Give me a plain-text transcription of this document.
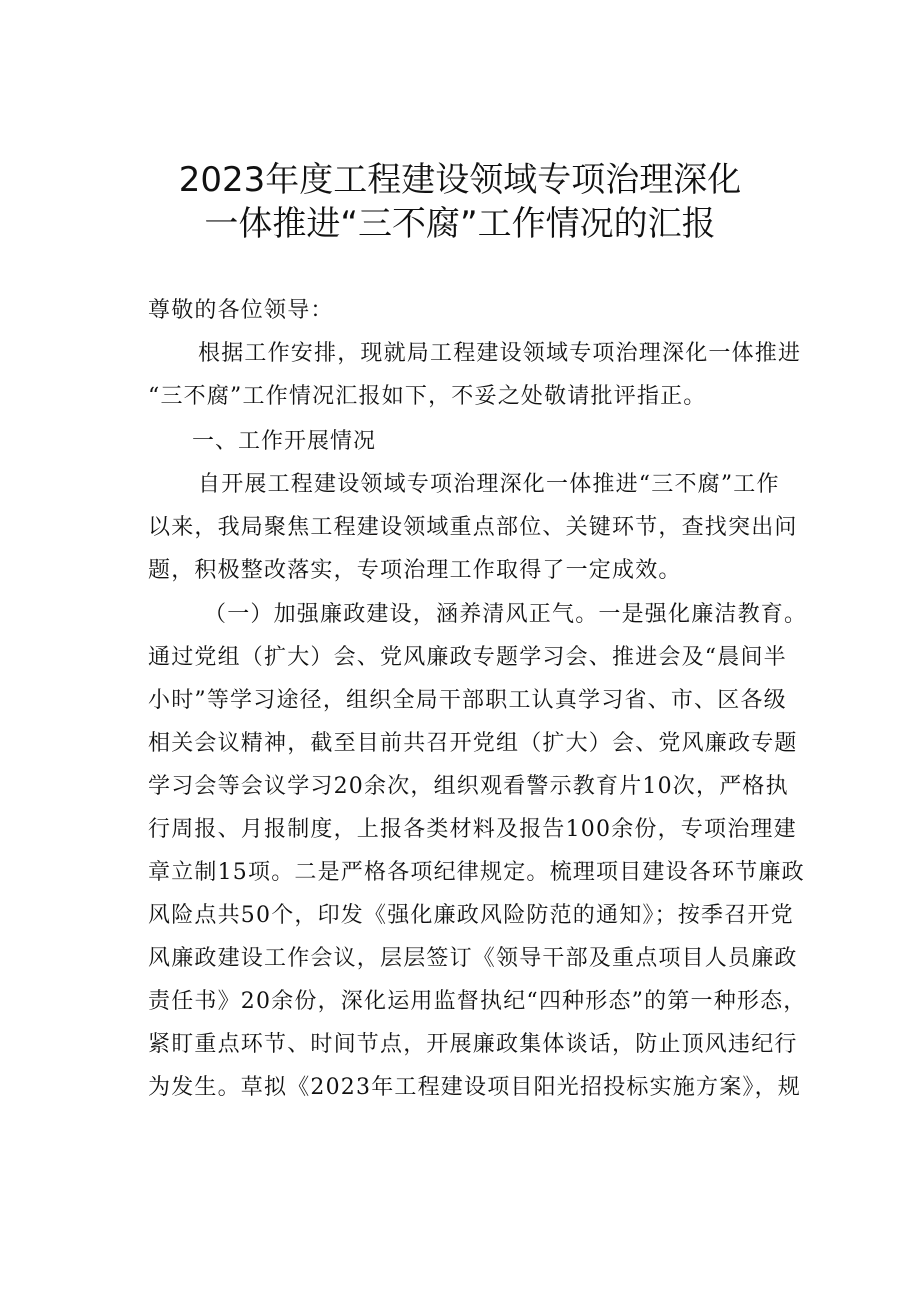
2023年度工程建设领域专项治理深化
一体推进“三不腐”工作情况的汇报
尊敬的各位领导：
根据工作安排，现就局工程建设领域专项治理深化一体推进
“三不腐”工作情况汇报如下，不妥之处敬请批评指正。
一、工作开展情况
自开展工程建设领域专项治理深化一体推进“三不腐”工作
以来，我局聚焦工程建设领域重点部位、关键环节，查找突出问
题，积极整改落实，专项治理工作取得了一定成效。
（一）加强廉政建设，涵养清风正气。一是强化廉洁教育。
通过党组（扩大）会、党风廉政专题学习会、推进会及“晨间半
小时”等学习途径，组织全局干部职工认真学习省、市、区各级
相关会议精神，截至目前共召开党组（扩大）会、党风廉政专题
学习会等会议学习20余次，组织观看警示教育片10次，严格执
行周报、月报制度，上报各类材料及报告100余份，专项治理建
章立制15项。二是严格各项纪律规定。梳理项目建设各环节廉政
风险点共50个，印发《强化廉政风险防范的通知》；按季召开党
风廉政建设工作会议，层层签订《领导干部及重点项目人员廉政
责任书》20余份，深化运用监督执纪“四种形态”的第一种形态，
紧盯重点环节、时间节点，开展廉政集体谈话，防止顶风违纪行
为发生。草拟《2023年工程建设项目阳光招投标实施方案》，规
